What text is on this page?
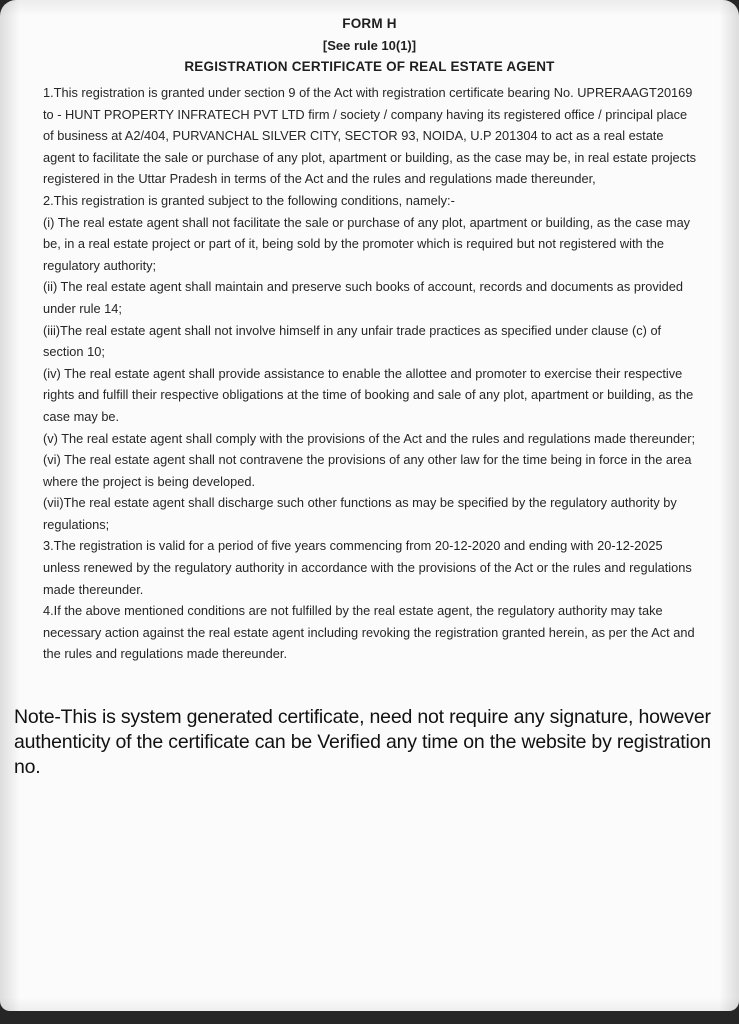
FORM H
[See rule 10(1)]
REGISTRATION CERTIFICATE OF REAL ESTATE AGENT

1.This registration is granted under section 9 of the Act with registration certificate bearing No. UPRERAAGT20169 to - HUNT PROPERTY INFRATECH PVT LTD firm / society / company having its registered office / principal place of business at A2/404, PURVANCHAL SILVER CITY, SECTOR 93, NOIDA, U.P 201304 to act as a real estate agent to facilitate the sale or purchase of any plot, apartment or building, as the case may be, in real estate projects registered in the Uttar Pradesh in terms of the Act and the rules and regulations made thereunder,

2.This registration is granted subject to the following conditions, namely:-

(i) The real estate agent shall not facilitate the sale or purchase of any plot, apartment or building, as the case may be, in a real estate project or part of it, being sold by the promoter which is required but not registered with the regulatory authority;

(ii) The real estate agent shall maintain and preserve such books of account, records and documents as provided under rule 14;

(iii)The real estate agent shall not involve himself in any unfair trade practices as specified under clause (c) of section 10;

(iv) The real estate agent shall provide assistance to enable the allottee and promoter to exercise their respective rights and fulfill their respective obligations at the time of booking and sale of any plot, apartment or building, as the case may be.

(v) The real estate agent shall comply with the provisions of the Act and the rules and regulations made thereunder;

(vi) The real estate agent shall not contravene the provisions of any other law for the time being in force in the area where the project is being developed.

(vii)The real estate agent shall discharge such other functions as may be specified by the regulatory authority by regulations;

3.The registration is valid for a period of five years commencing from 20-12-2020 and ending with 20-12-2025 unless renewed by the regulatory authority in accordance with the provisions of the Act or the rules and regulations made thereunder.

4.If the above mentioned conditions are not fulfilled by the real estate agent, the regulatory authority may take necessary action against the real estate agent including revoking the registration granted herein, as per the Act and the rules and regulations made thereunder.

Note-This is system generated certificate, need not require any signature, however authenticity of the certificate can be Verified any time on the website by registration no.
